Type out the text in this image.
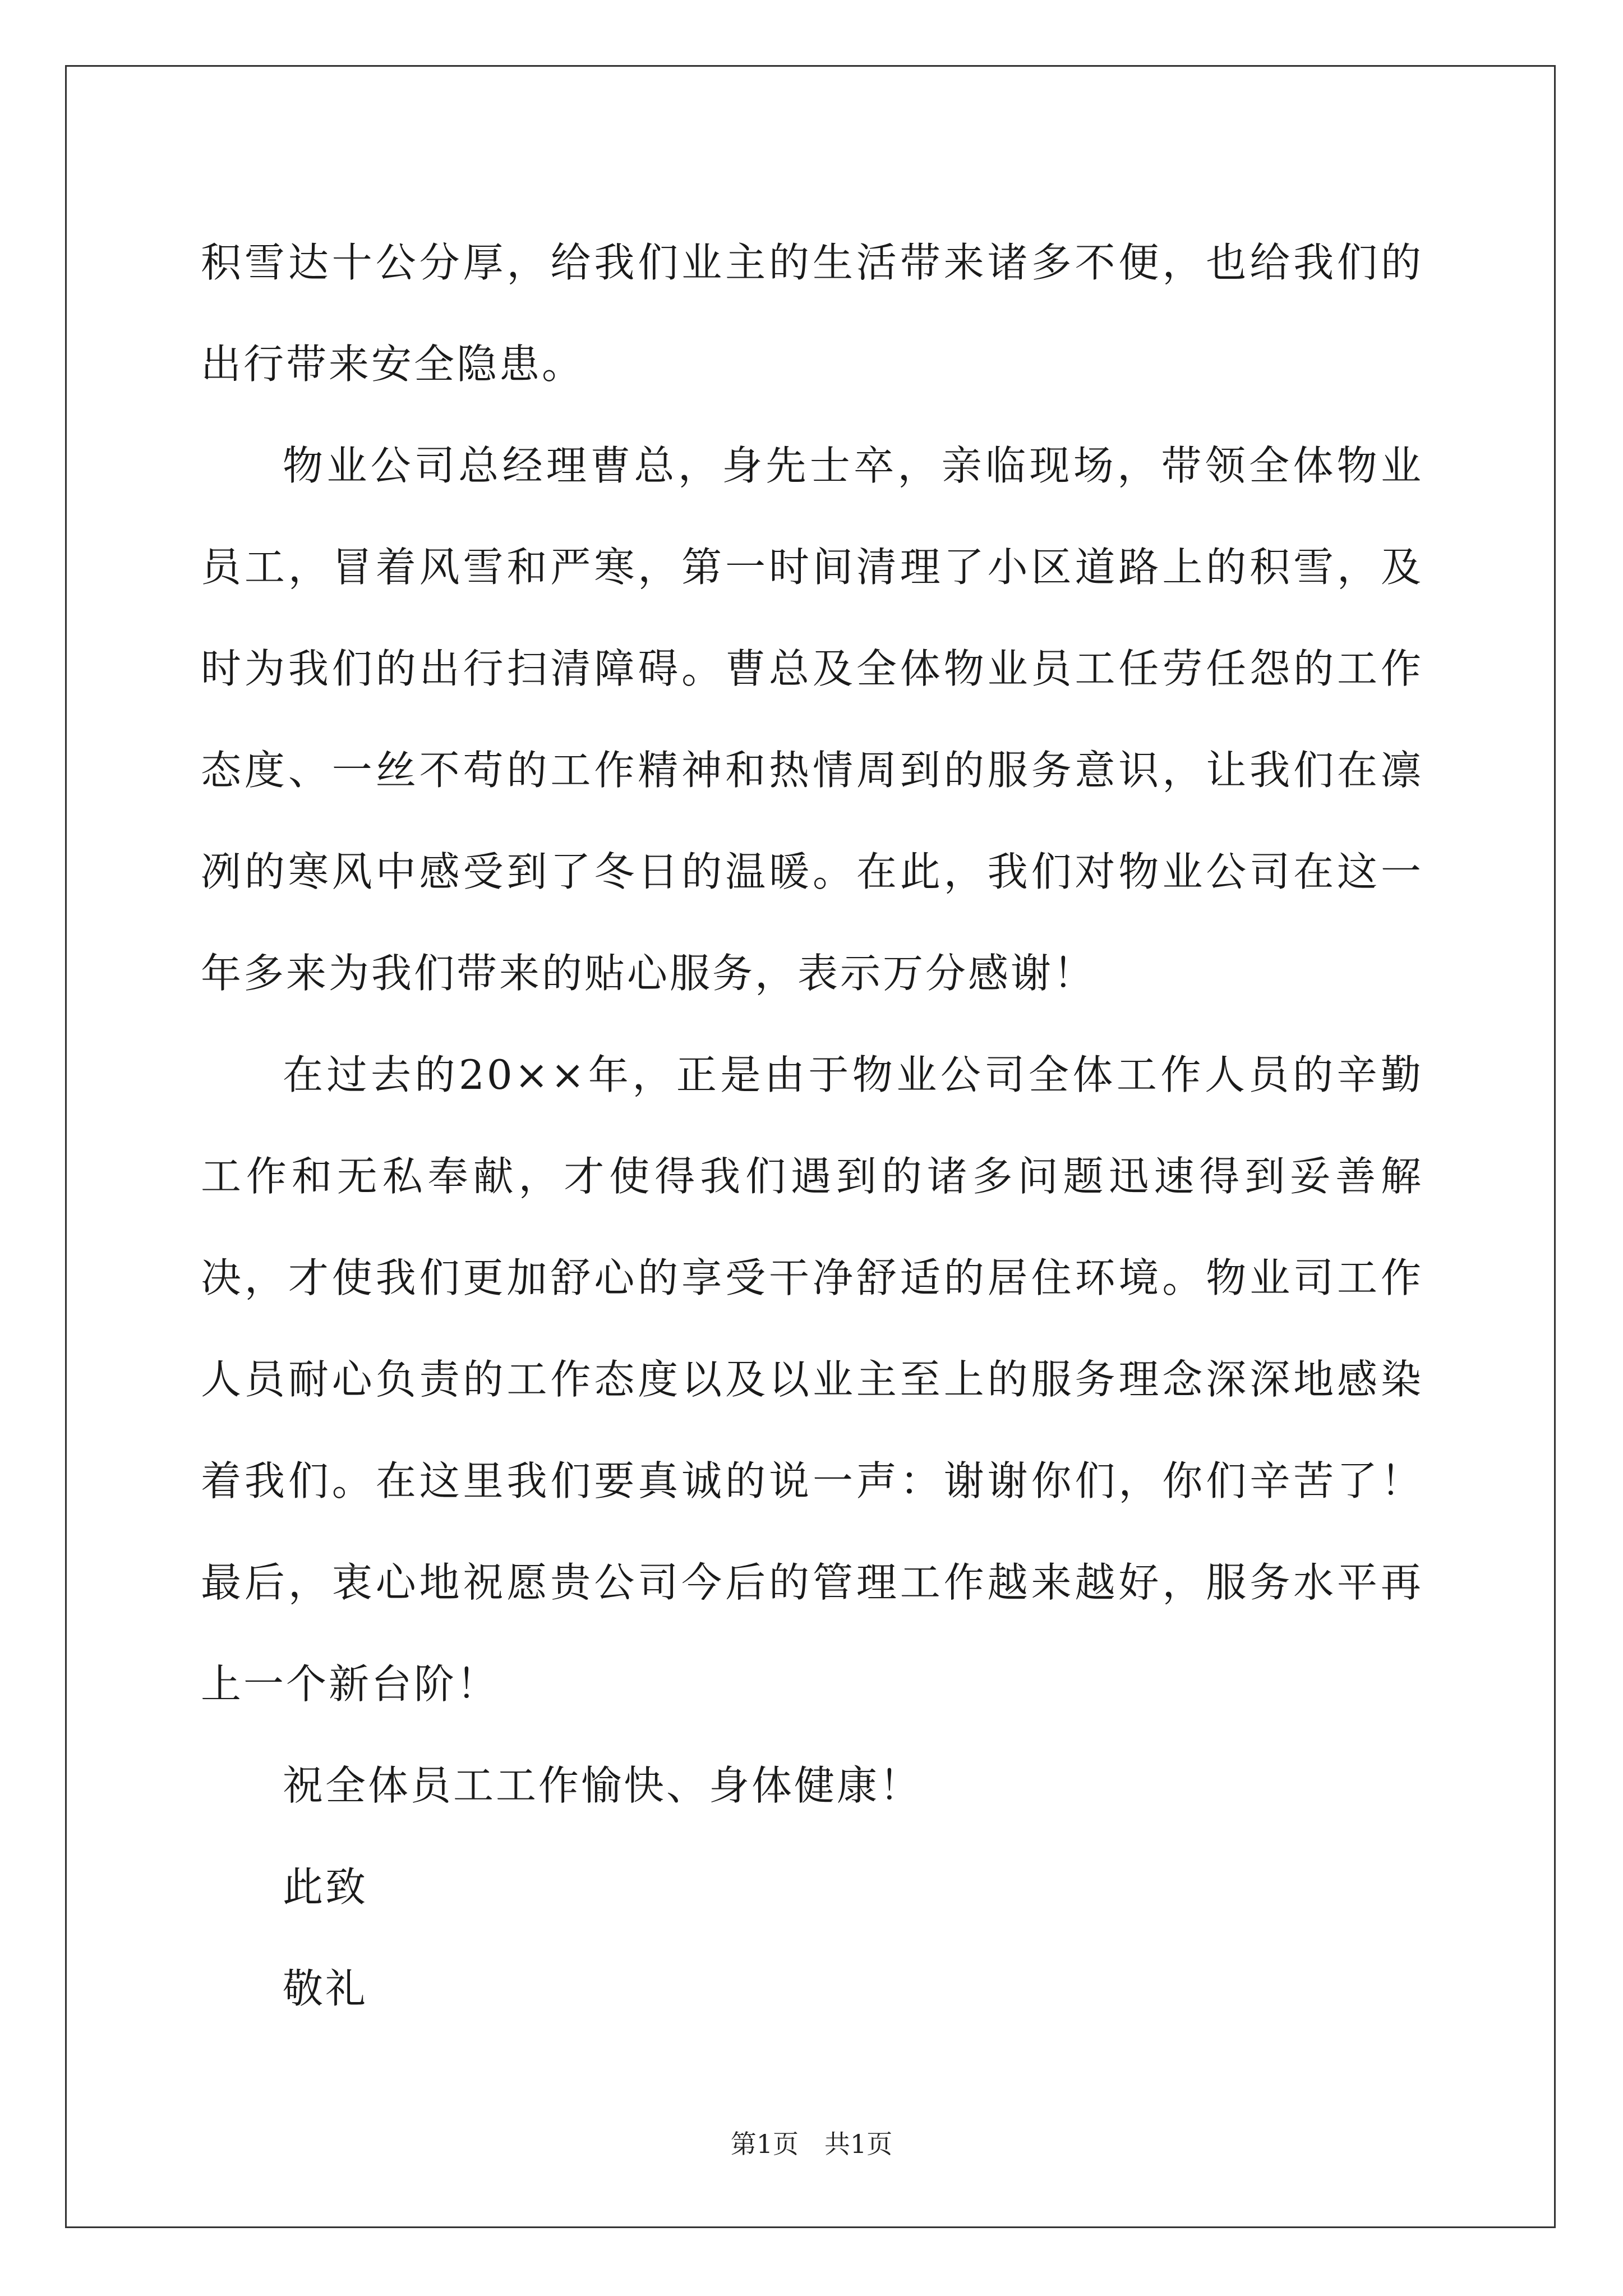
积雪达十公分厚，给我们业主的生活带来诸多不便，也给我们的出行带来安全隐患。

物业公司总经理曹总，身先士卒，亲临现场，带领全体物业员工，冒着风雪和严寒，第一时间清理了小区道路上的积雪，及时为我们的出行扫清障碍。曹总及全体物业员工任劳任怨的工作态度、一丝不苟的工作精神和热情周到的服务意识，让我们在凛冽的寒风中感受到了冬日的温暖。在此，我们对物业公司在这一年多来为我们带来的贴心服务，表示万分感谢！

在过去的20××年，正是由于物业公司全体工作人员的辛勤工作和无私奉献，才使得我们遇到的诸多问题迅速得到妥善解决，才使我们更加舒心的享受干净舒适的居住环境。物业司工作人员耐心负责的工作态度以及以业主至上的服务理念深深地感染着我们。在这里我们要真诚的说一声：谢谢你们，你们辛苦了！最后，衷心地祝愿贵公司今后的管理工作越来越好，服务水平再上一个新台阶！

祝全体员工工作愉快、身体健康！

此致

敬礼

第1页 共1页
